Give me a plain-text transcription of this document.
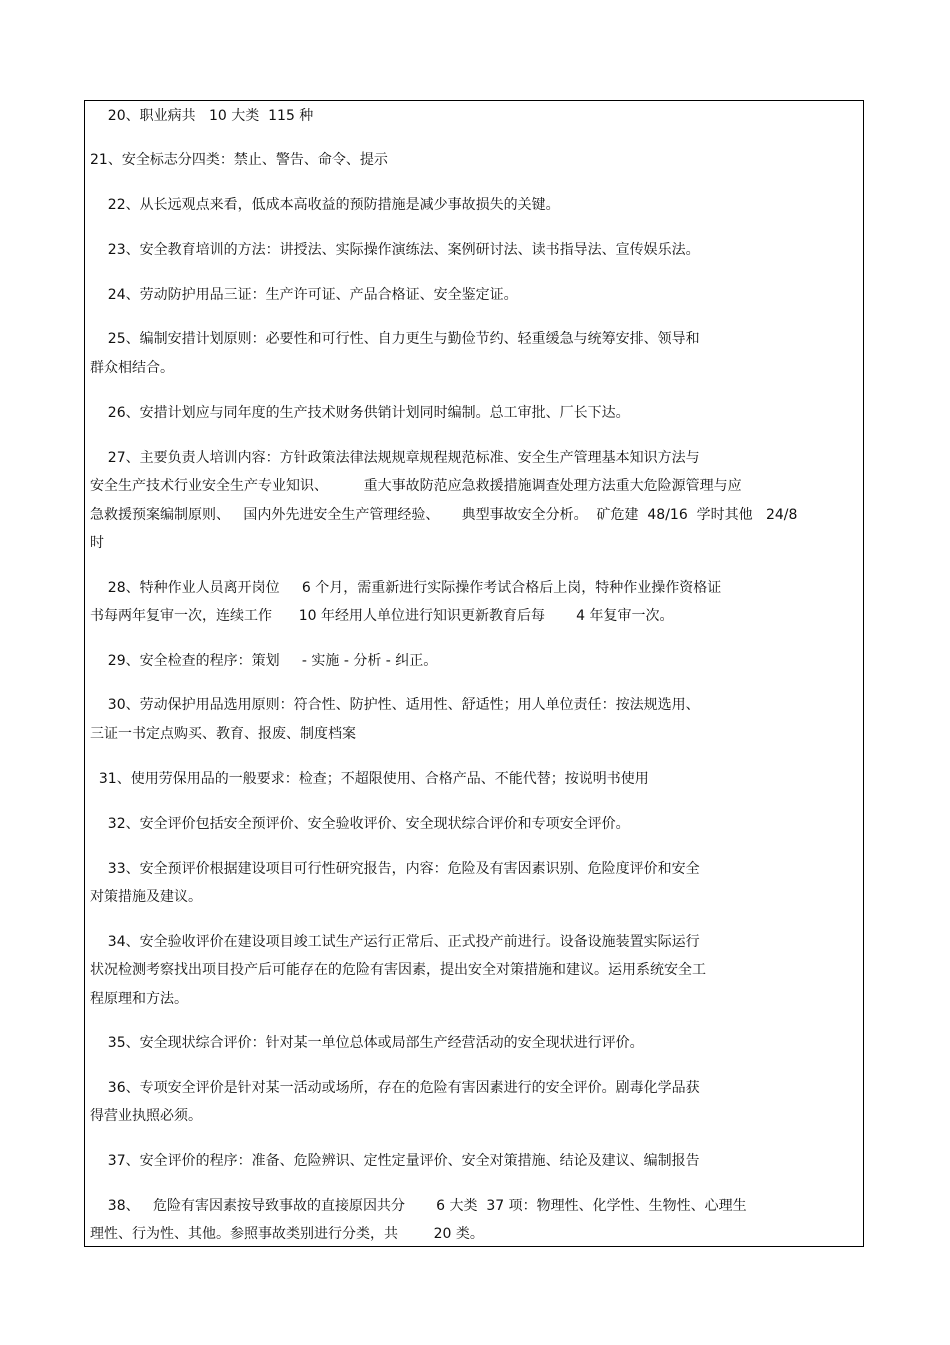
20、职业病共   10 大类  115 种
21、安全标志分四类：禁止、警告、命令、提示
22、从长远观点来看，低成本高收益的预防措施是减少事故损失的关键。
23、安全教育培训的方法：讲授法、实际操作演练法、案例研讨法、读书指导法、宣传娱乐法。
24、劳动防护用品三证：生产许可证、产品合格证、安全鉴定证。
25、编制安措计划原则：必要性和可行性、自力更生与勤俭节约、轻重缓急与统筹安排、领导和
群众相结合。
26、安措计划应与同年度的生产技术财务供销计划同时编制。总工审批、厂长下达。
27、主要负责人培训内容：方针政策法律法规规章规程规范标准、安全生产管理基本知识方法与
安全生产技术行业安全生产专业知识、        重大事故防范应急救援措施调查处理方法重大危险源管理与应
急救援预案编制原则、   国内外先进安全生产管理经验、     典型事故安全分析。  矿危建  48/16  学时其他   24/8
时
28、特种作业人员离开岗位     6 个月，需重新进行实际操作考试合格后上岗，特种作业操作资格证
书每两年复审一次，连续工作      10 年经用人单位进行知识更新教育后每       4 年复审一次。
29、安全检查的程序：策划     - 实施 - 分析 - 纠正。
30、劳动保护用品选用原则：符合性、防护性、适用性、舒适性；用人单位责任：按法规选用、
三证一书定点购买、教育、报废、制度档案
31、使用劳保用品的一般要求：检查；不超限使用、合格产品、不能代替；按说明书使用
32、安全评价包括安全预评价、安全验收评价、安全现状综合评价和专项安全评价。
33、安全预评价根据建设项目可行性研究报告，内容：危险及有害因素识别、危险度评价和安全
对策措施及建议。
34、安全验收评价在建设项目竣工试生产运行正常后、正式投产前进行。设备设施装置实际运行
状况检测考察找出项目投产后可能存在的危险有害因素，提出安全对策措施和建议。运用系统安全工
程原理和方法。
35、安全现状综合评价：针对某一单位总体或局部生产经营活动的安全现状进行评价。
36、专项安全评价是针对某一活动或场所，存在的危险有害因素进行的安全评价。剧毒化学品获
得营业执照必须。
37、安全评价的程序：准备、危险辨识、定性定量评价、安全对策措施、结论及建议、编制报告
38、   危险有害因素按导致事故的直接原因共分       6 大类  37 项：物理性、化学性、生物性、心理生
理性、行为性、其他。参照事故类别进行分类，共        20 类。
